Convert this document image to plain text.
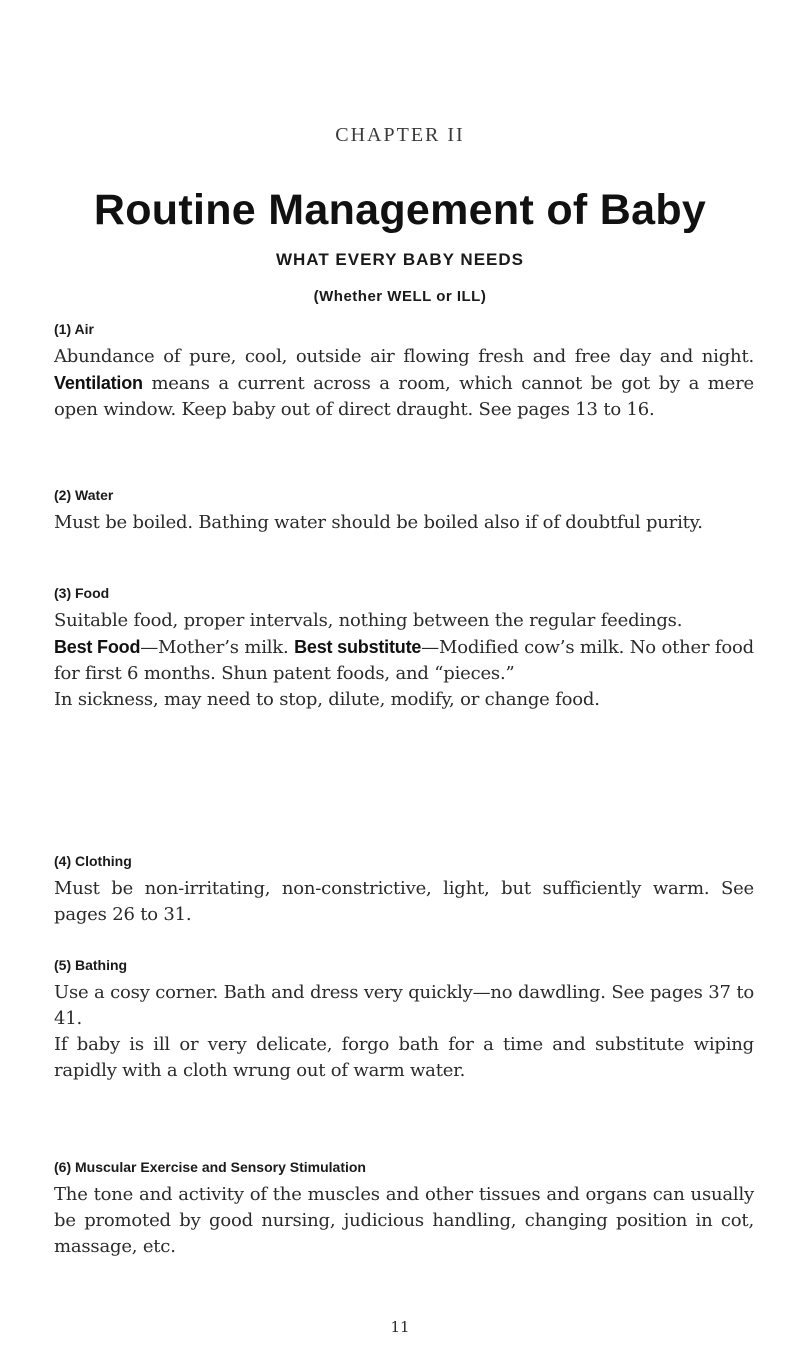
CHAPTER II
Routine Management of Baby
WHAT EVERY BABY NEEDS
(Whether WELL or ILL)
(1) Air

Abundance of pure, cool, outside air flowing fresh and free day and night. Ventilation means a current across a room, which cannot be got by a mere open window. Keep baby out of direct draught. See pages 13 to 16.

(2) Water

Must be boiled. Bathing water should be boiled also if of doubtful purity.

(3) Food

Suitable food, proper intervals, nothing between the regular feedings.

Best Food—Mother’s milk. Best substitute—Modified cow’s milk. No other food for first 6 months. Shun patent foods, and “pieces.”

In sickness, may need to stop, dilute, modify, or change food.

(4) Clothing

Must be non-irritating, non-constrictive, light, but sufficiently warm. See pages 26 to 31.

(5) Bathing

Use a cosy corner. Bath and dress very quickly—no dawdling. See pages 37 to 41.

If baby is ill or very delicate, forgo bath for a time and substitute wiping rapidly with a cloth wrung out of warm water.

(6) Muscular Exercise and Sensory Stimulation

The tone and activity of the muscles and other tissues and organs can usually be promoted by good nursing, judicious handling, changing position in cot, massage, etc.

11
